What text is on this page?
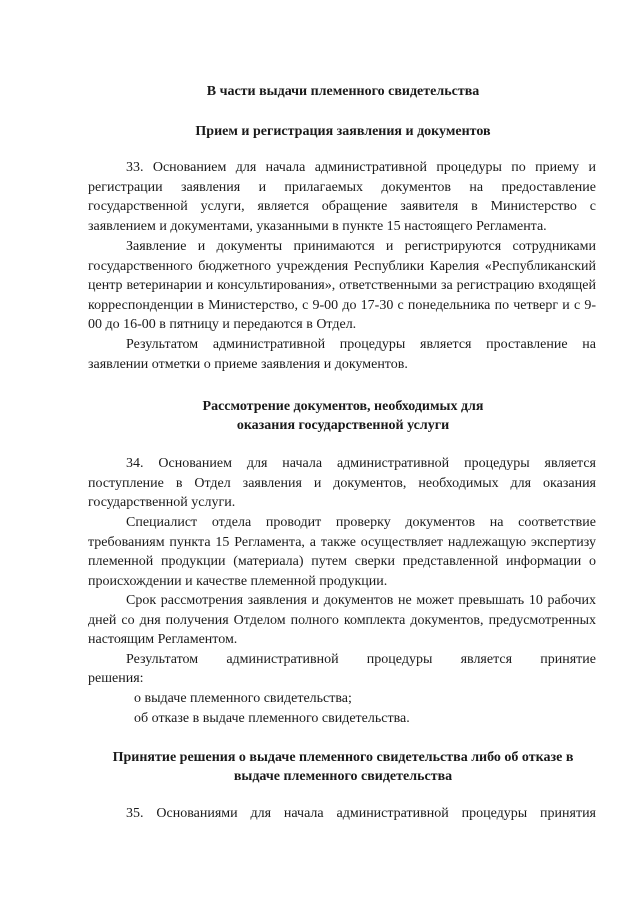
В части выдачи племенного свидетельства

Прием и регистрация заявления и документов

33. Основанием для начала административной процедуры по приему и регистрации заявления и прилагаемых документов на предоставление государственной услуги, является обращение заявителя в Министерство с заявлением и документами, указанными в пункте 15 настоящего Регламента.

Заявление и документы принимаются и регистрируются сотрудниками государственного бюджетного учреждения Республики Карелия «Республиканский центр ветеринарии и консультирования», ответственными за регистрацию входящей корреспонденции в Министерство, с 9-00 до 17-30 с понедельника по четверг и с 9-00 до 16-00 в пятницу и передаются в Отдел.

Результатом административной процедуры является проставление на заявлении отметки о приеме заявления и документов.

Рассмотрение документов, необходимых для

оказания государственной услуги

34. Основанием для начала административной процедуры является поступление в Отдел заявления и документов, необходимых для оказания государственной услуги.

Специалист отдела проводит проверку документов на соответствие требованиям пункта 15 Регламента, а также осуществляет надлежащую экспертизу племенной продукции (материала) путем сверки представленной информации о происхождении и качестве племенной продукции.

Срок рассмотрения заявления и документов не может превышать 10 рабочих дней со дня получения Отделом полного комплекта документов, предусмотренных настоящим Регламентом.

Результатом административной процедуры является принятие

решения:

о выдаче племенного свидетельства;

об отказе в выдаче племенного свидетельства.

Принятие решения о выдаче племенного свидетельства либо об отказе в

выдаче племенного свидетельства

35. Основаниями для начала административной процедуры принятия
